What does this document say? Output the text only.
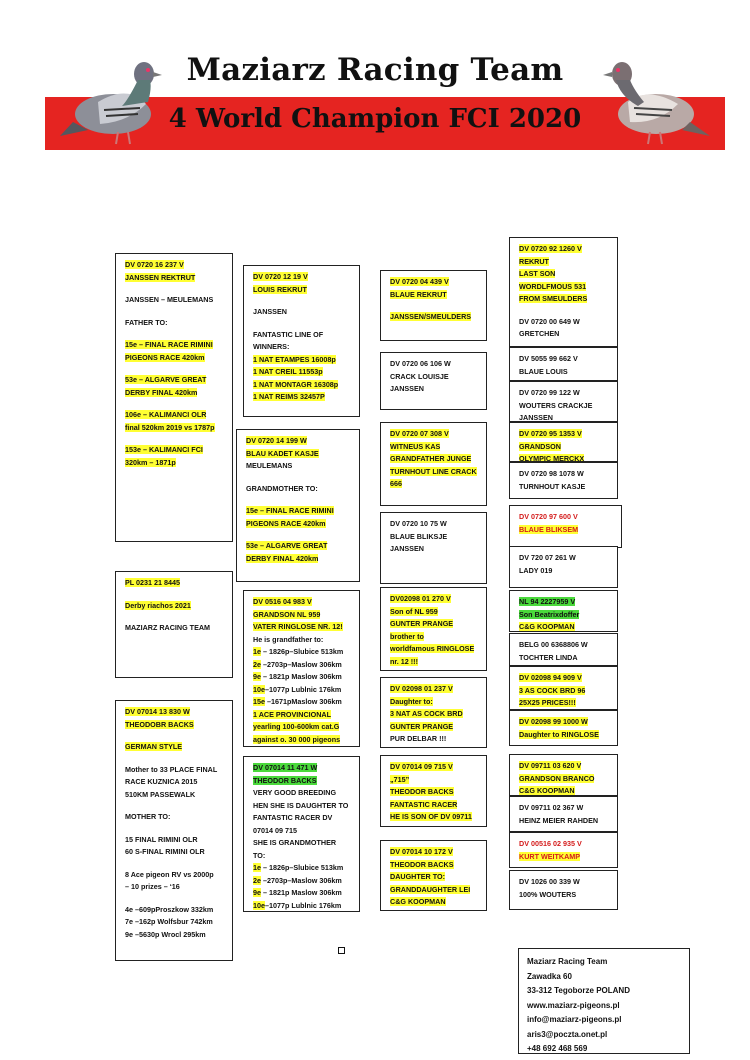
Maziarz Racing Team
4 World Champion FCI 2020
DV 0720 16 237 V
JANSSEN REKTRUT
JANSSEN – MEULEMANS
FATHER TO:
15e – FINAL RACE RIMINI
PIGEONS RACE 420km
53e – ALGARVE GREAT
DERBY FINAL 420km
106e – KALIMANCI OLR
final 520km 2019 vs 1787p
153e – KALIMANCI FCI
320km – 1871p
PL 0231 21 8445
Derby riachos 2021
MAZIARZ RACING TEAM
DV 07014 13 830 W
THEODOBR BACKS
GERMAN STYLE
Mother to 33 PLACE FINAL
RACE KUZNICA 2015
510KM PASSEWALK
MOTHER TO:
15 FINAL RIMINI OLR
60 S-FINAL RIMINI OLR
8 Ace pigeon RV vs 2000p
– 10 prizes – ‘16
4e –609pProszkow 332km
7e –162p Wolfsbur 742km
9e –5630p Wrocl 295km
DV 0720 12 19 V
LOUIS REKRUT
JANSSEN
FANTASTIC LINE OF
WINNERS:
1 NAT ETAMPES 16008p
1 NAT CREIL 11553p
1 NAT MONTAGR 16308p
1 NAT REIMS 32457P
DV 0720 14 199 W
BLAU KADET KASJE
MEULEMANS
GRANDMOTHER TO:
15e – FINAL RACE RIMINI
PIGEONS RACE 420km
53e – ALGARVE GREAT
DERBY FINAL 420km
DV 0516 04 983 V
GRANDSON NL 959
VATER RINGLOSE NR. 12!
He is grandfather to:
1e – 1826p–Slubice 513km
2e –2703p–Maslow 306km
9e – 1821p Maslow 306km
10e–1077p Lublnic 176km
15e –1671pMaslow 306km
1 ACE PROVINCIONAL
yearling 100-600km cat.G
against o. 30 000 pigeons
DV 07014 11 471 W
THEODOR BACKS
VERY GOOD BREEDING
HEN SHE IS DAUGHTER TO
FANTASTIC RACER DV
07014 09 715
SHE IS GRANDMOTHER
TO:
1e – 1826p–Slubice 513km
2e –2703p–Maslow 306km
9e – 1821p Maslow 306km
10e–1077p Lublnic 176km
DV 0720 04 439 V
BLAUE REKRUT
JANSSEN/SMEULDERS
DV 0720 06 106 W
CRACK LOUISJE
JANSSEN
DV 0720 07 308 V
WITNEUS KAS
GRANDFATHER JUNGE
TURNHOUT LINE CRACK
666
DV 0720 10 75 W
BLAUE BLIKSJE
JANSSEN
DV02098 01 270 V
Son of NL 959
GUNTER PRANGE
brother to
worldfamous RINGLOSE
nr. 12 !!!
DV 02098 01 237 V
Daughter to:
3 NAT AS COCK BRD
GUNTER PRANGE
PUR DELBAR !!!
DV 07014 09 715 V
„715”
THEODOR BACKS
FANTASTIC RACER
HE IS SON OF DV 09711
DV 07014 10 172 V
THEODOR BACKS
DAUGHTER TO:
GRANDDAUGHTER LEI
C&G KOOPMAN
DV 0720 92 1260 V
REKRUT
LAST SON
WORDLFMOUS 531
FROM SMEULDERS
DV 0720 00 649 W
GRETCHEN
DV 5055 99 662 V
BLAUE LOUIS
DV 0720 99 122 W
WOUTERS CRACKJE
JANSSEN
DV 0720 95 1353 V
GRANDSON
OLYMPIC MERCKX
DV 0720 98 1078 W
TURNHOUT KASJE
DV 0720 97 600 V
BLAUE BLIKSEM
DV 720 07 261 W
LADY 019
NL 94 2227959 V
Son Beatrixdoffer
C&G KOOPMAN
BELG 00 6368806 W
TOCHTER LINDA
DV 02098 94 909 V
3 AS COCK BRD 96
25X25 PRICES!!!
DV 02098 99 1000 W
Daughter to RINGLOSE
DV 09711 03 620 V
GRANDSON BRANCO
C&G KOOPMAN
DV 09711 02 367 W
HEINZ MEIER RAHDEN
DV 00516 02 935 V
KURT WEITKAMP
DV 1026 00 339 W
100% WOUTERS
Maziarz Racing Team
Zawadka 60
33-312 Tegoborze POLAND
www.maziarz-pigeons.pl
info@maziarz-pigeons.pl
aris3@poczta.onet.pl
+48 692 468 569
